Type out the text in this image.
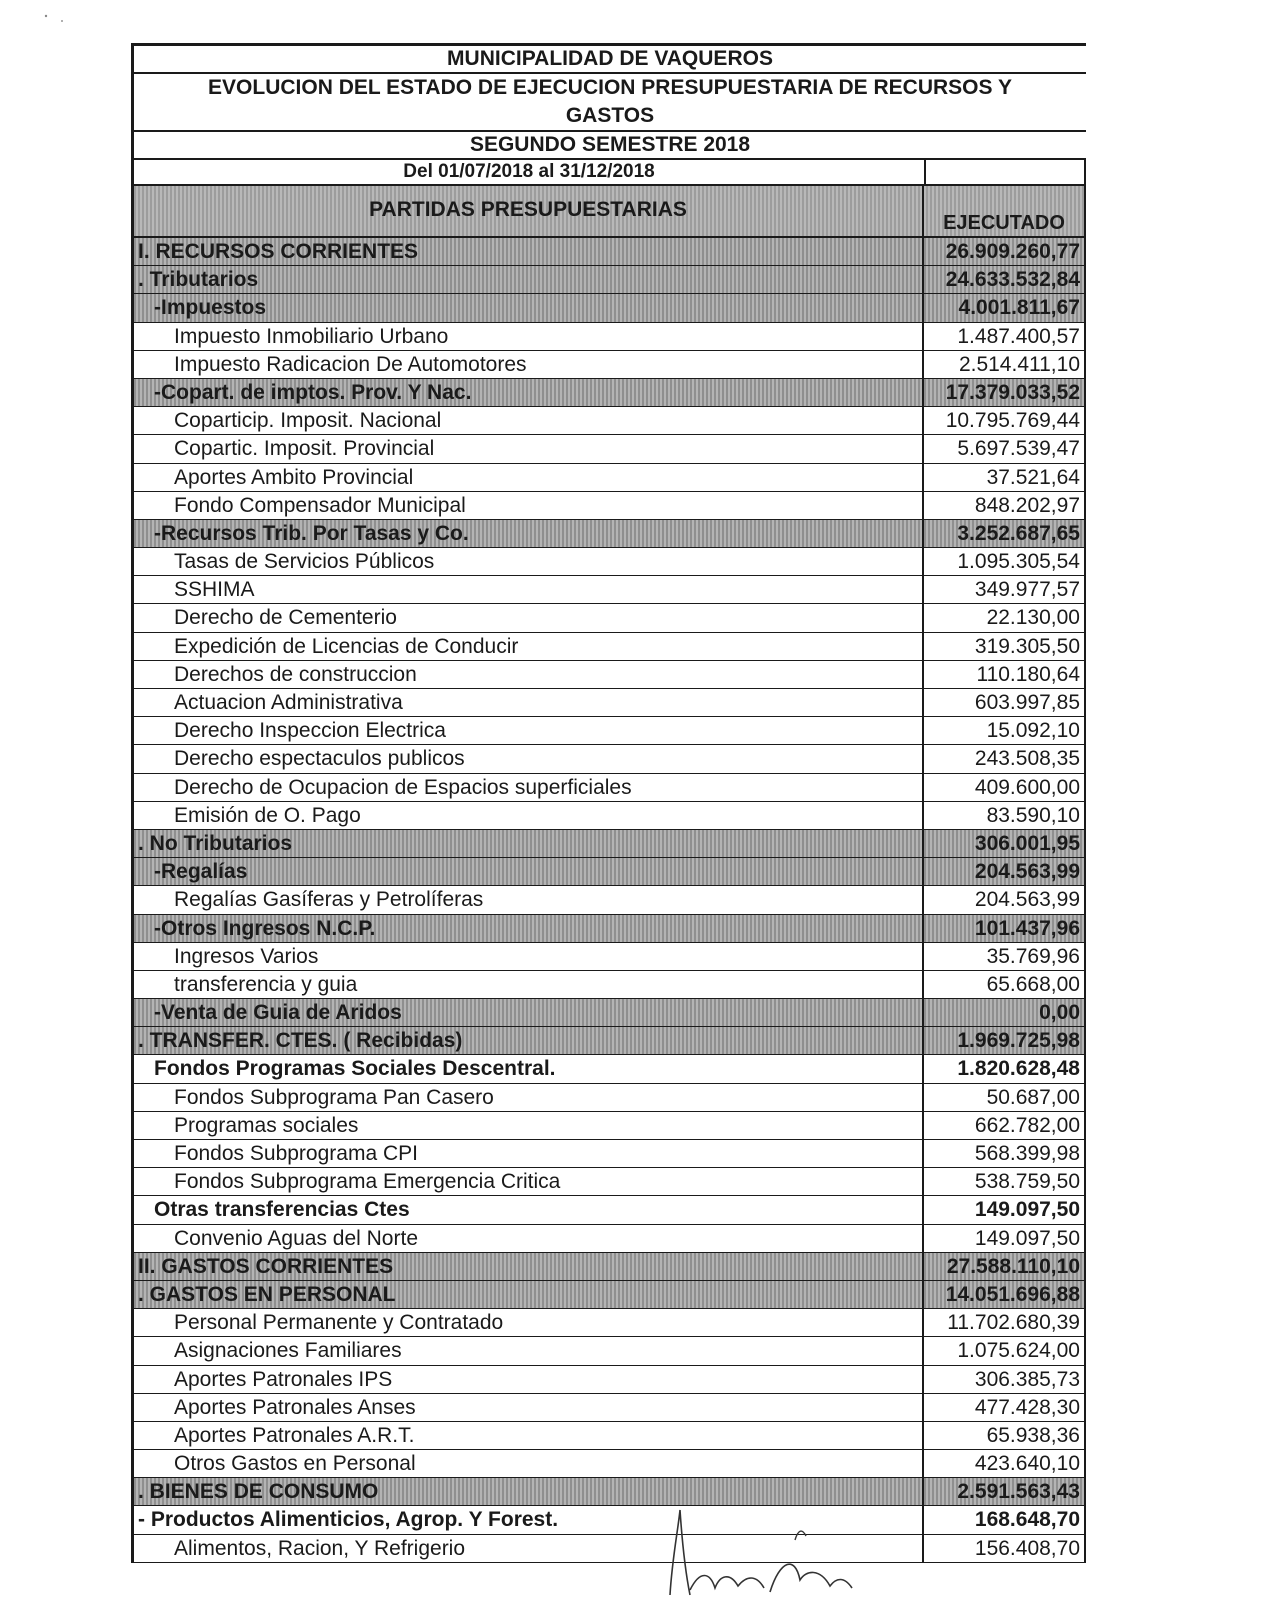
MUNICIPALIDAD DE VAQUEROS
EVOLUCION DEL ESTADO DE EJECUCION PRESUPUESTARIA DE RECURSOS Y GASTOS
SEGUNDO SEMESTRE 2018
Del 01/07/2018 al 31/12/2018
PARTIDAS PRESUPUESTARIAS
EJECUTADO
I. RECURSOS CORRIENTES	26.909.260,77
. Tributarios	24.633.532,84
-Impuestos	4.001.811,67
Impuesto Inmobiliario Urbano	1.487.400,57
Impuesto Radicacion De Automotores	2.514.411,10
-Copart. de imptos. Prov. Y Nac.	17.379.033,52
Coparticip. Imposit. Nacional	10.795.769,44
Copartic. Imposit. Provincial	5.697.539,47
Aportes Ambito Provincial	37.521,64
Fondo Compensador Municipal	848.202,97
-Recursos Trib. Por Tasas y Co.	3.252.687,65
Tasas de Servicios Públicos	1.095.305,54
SSHIMA	349.977,57
Derecho de Cementerio	22.130,00
Expedición de Licencias de Conducir	319.305,50
Derechos de construccion	110.180,64
Actuacion Administrativa	603.997,85
Derecho Inspeccion Electrica	15.092,10
Derecho espectaculos publicos	243.508,35
Derecho de Ocupacion de Espacios superficiales	409.600,00
Emisión de O. Pago	83.590,10
. No Tributarios	306.001,95
-Regalías	204.563,99
Regalías Gasíferas y Petrolíferas	204.563,99
-Otros Ingresos N.C.P.	101.437,96
Ingresos Varios	35.769,96
transferencia y guia	65.668,00
-Venta de Guia de Aridos	0,00
. TRANSFER. CTES. ( Recibidas)	1.969.725,98
Fondos Programas Sociales Descentral.	1.820.628,48
Fondos Subprograma Pan Casero	50.687,00
Programas sociales	662.782,00
Fondos Subprograma CPI	568.399,98
Fondos Subprograma Emergencia Critica	538.759,50
Otras transferencias Ctes	149.097,50
Convenio Aguas del Norte	149.097,50
II. GASTOS CORRIENTES	27.588.110,10
. GASTOS EN PERSONAL	14.051.696,88
Personal Permanente y Contratado	11.702.680,39
Asignaciones Familiares	1.075.624,00
Aportes Patronales IPS	306.385,73
Aportes Patronales Anses	477.428,30
Aportes Patronales A.R.T.	65.938,36
Otros Gastos en Personal	423.640,10
. BIENES DE CONSUMO	2.591.563,43
- Productos Alimenticios, Agrop. Y Forest.	168.648,70
Alimentos, Racion, Y Refrigerio	156.408,70
